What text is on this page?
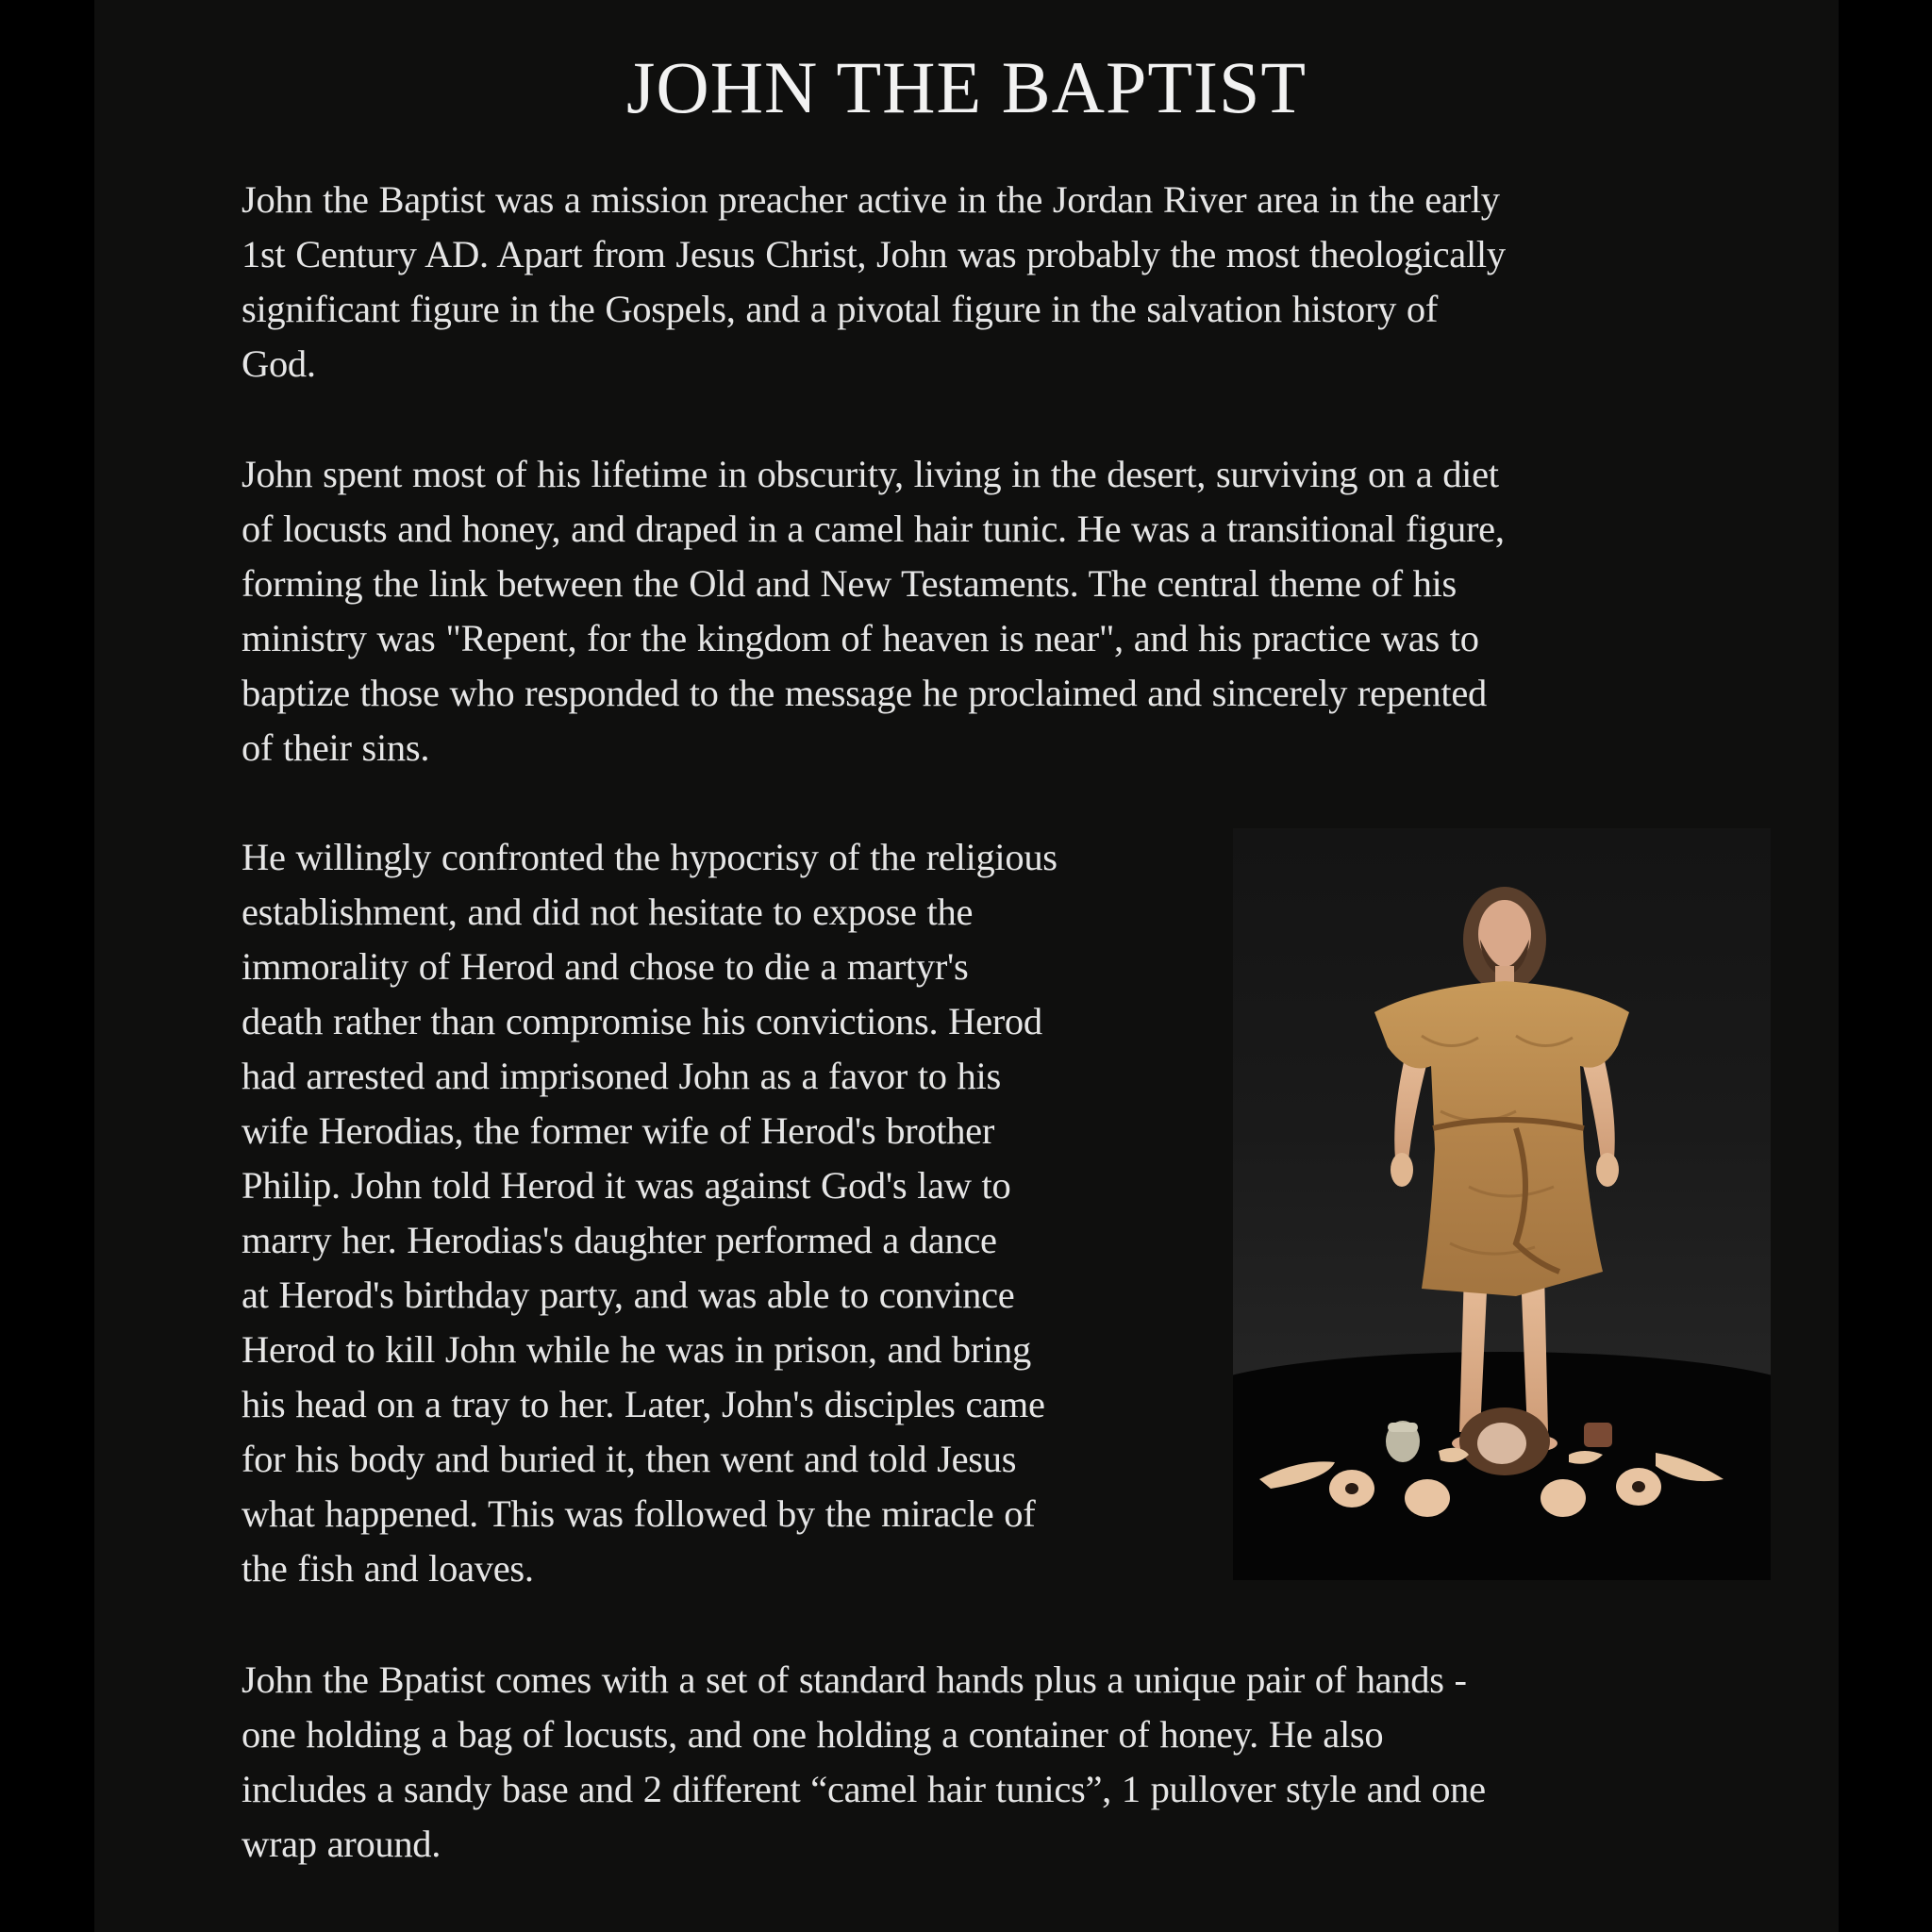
JOHN THE BAPTIST

John the Baptist was a mission preacher active in the Jordan River area in the early
1st Century AD. Apart from Jesus Christ, John was probably the most theologically
significant figure in the Gospels, and a pivotal figure in the salvation history of
God.

John spent most of his lifetime in obscurity, living in the desert, surviving on a diet
of locusts and honey, and draped in a camel hair tunic. He was a transitional figure,
forming the link between the Old and New Testaments. The central theme of his
ministry was "Repent, for the kingdom of heaven is near", and his practice was to
baptize those who responded to the message he proclaimed and sincerely repented
of their sins.

He willingly confronted the hypocrisy of the religious
establishment, and did not hesitate to expose the
immorality of Herod and chose to die a martyr's
death rather than compromise his convictions. Herod
had arrested and imprisoned John as a favor to his
wife Herodias, the former wife of Herod's brother
Philip. John told Herod it was against God's law to
marry her. Herodias's daughter performed a dance
at Herod's birthday party, and was able to convince
Herod to kill John while he was in prison, and bring
his head on a tray to her. Later, John's disciples came
for his body and buried it, then went and told Jesus
what happened. This was followed by the miracle of
the fish and loaves.

John the Bpatist comes with a set of standard hands plus a unique pair of hands -
one holding a bag of locusts, and one holding a container of honey. He also
includes a sandy base and 2 different “camel hair tunics”, 1 pullover style and one
wrap around.
